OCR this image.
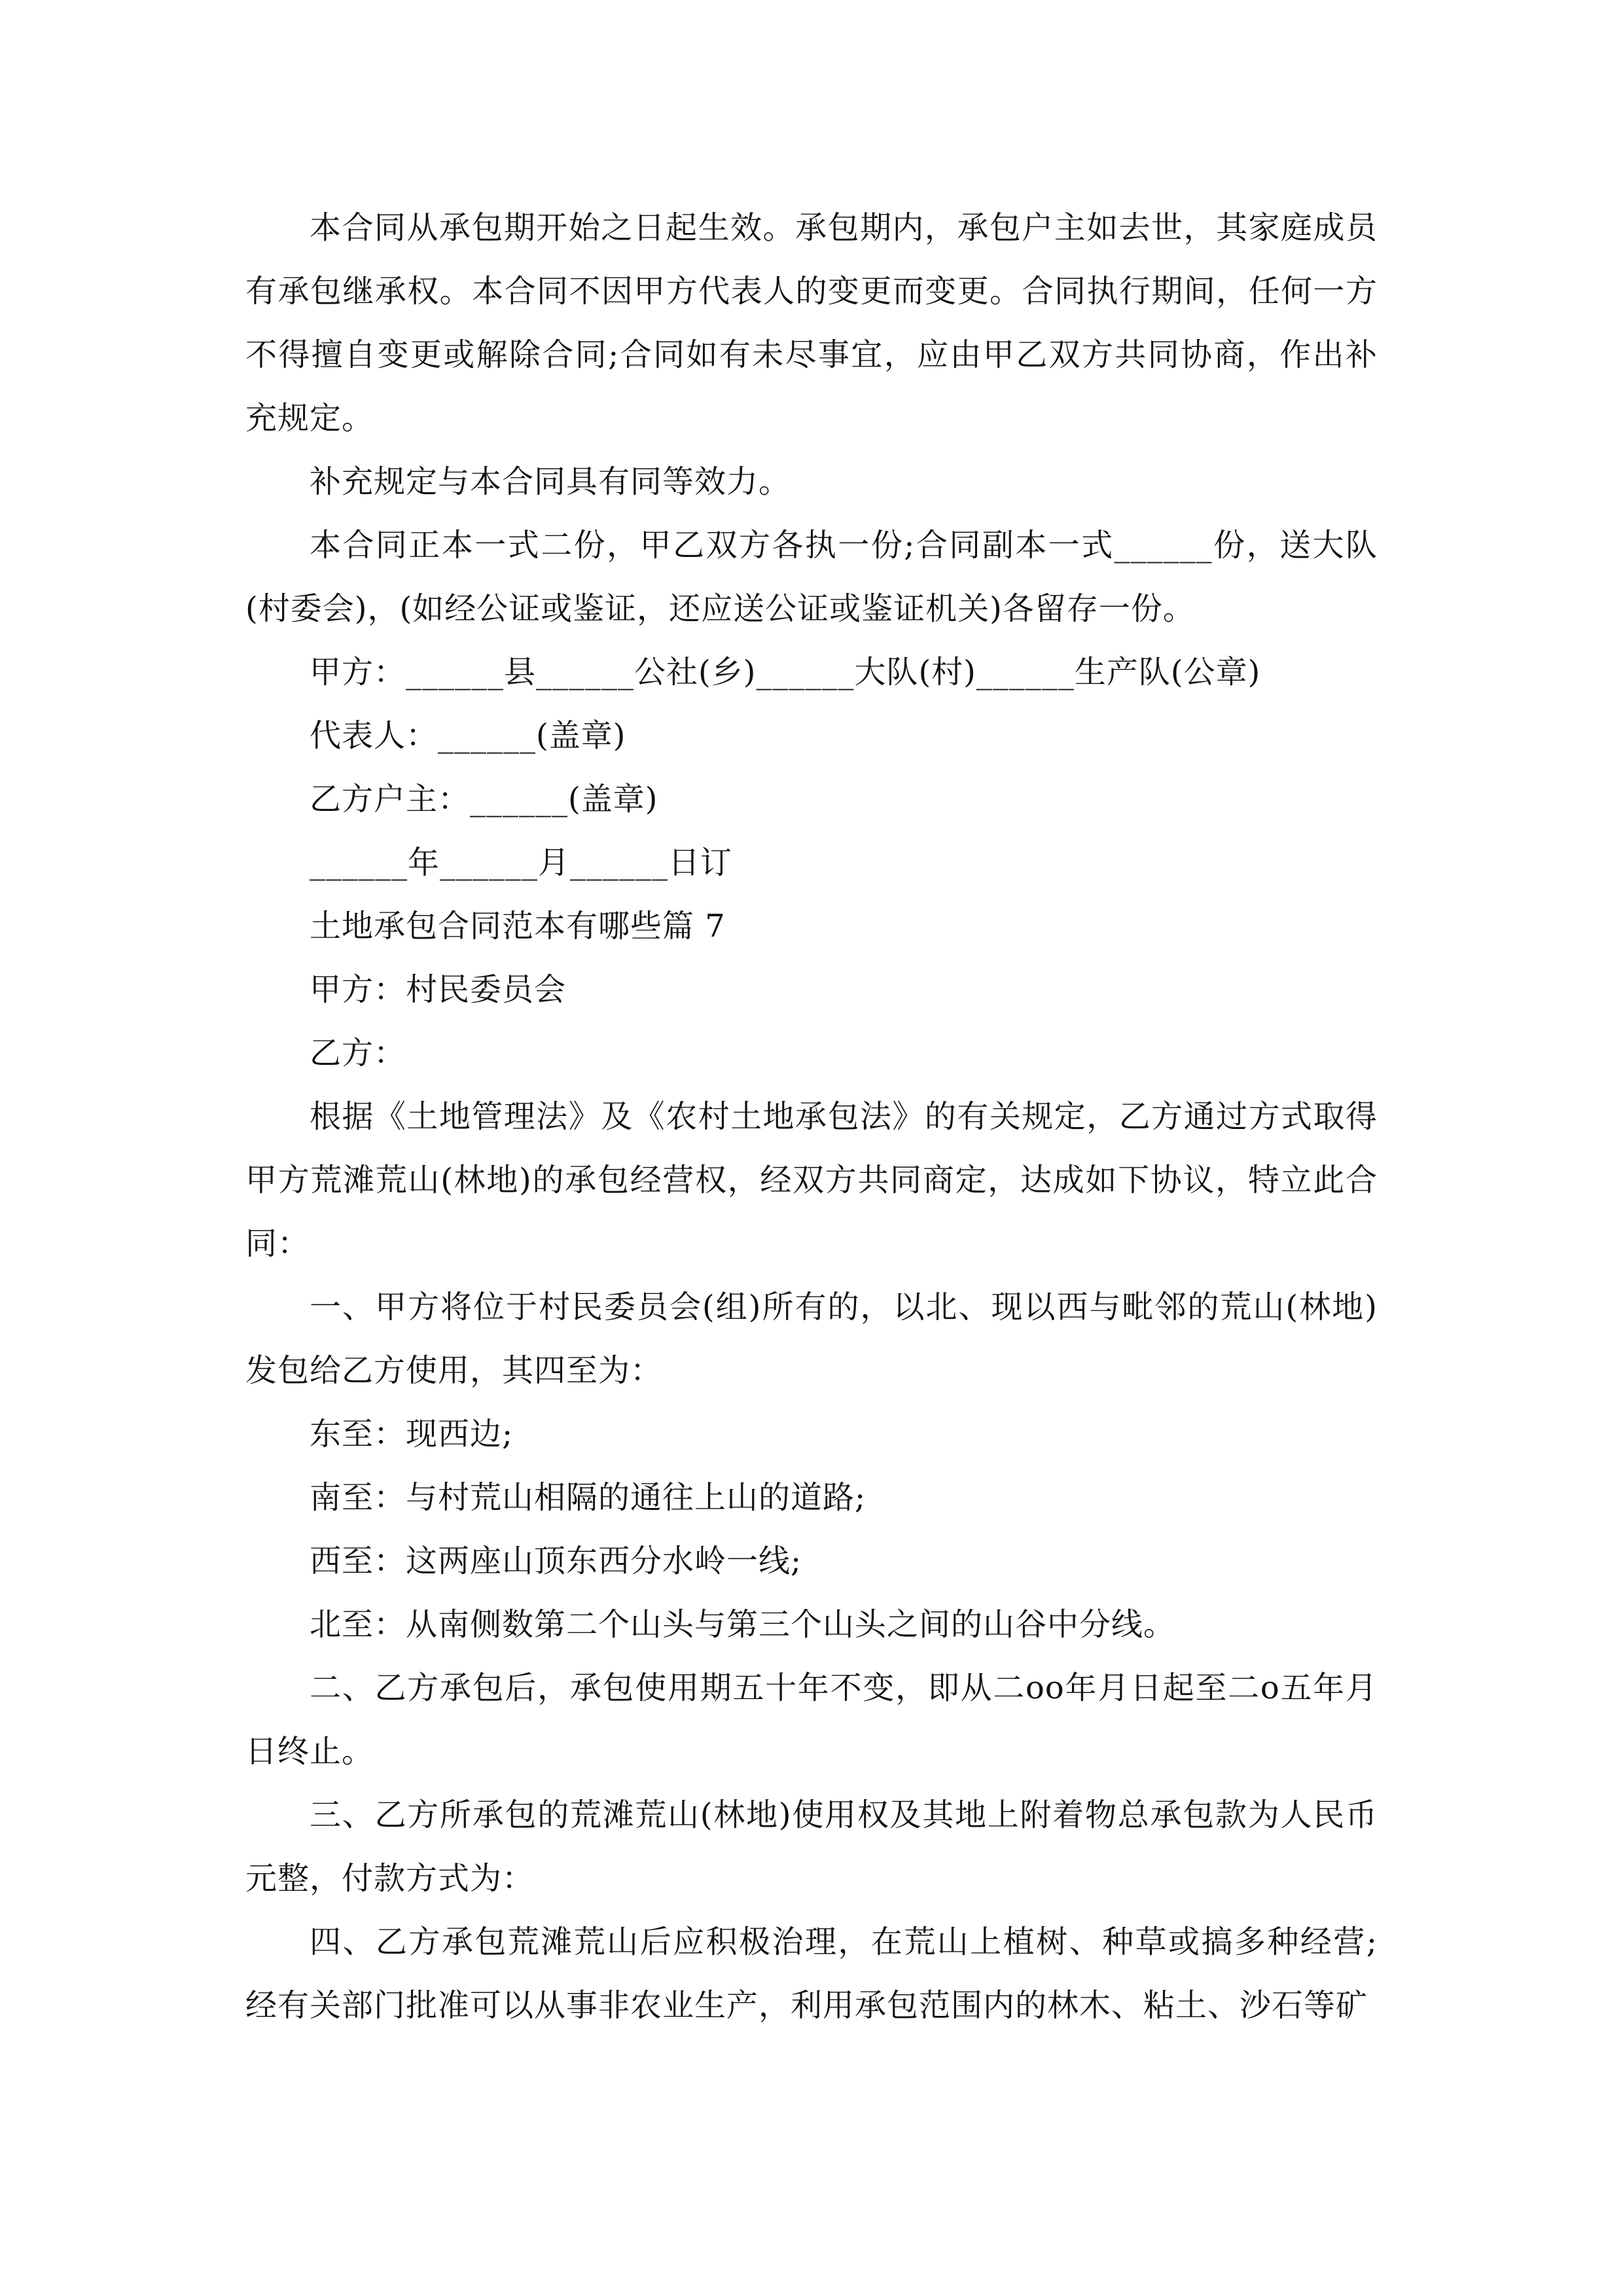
本合同从承包期开始之日起生效。承包期内，承包户主如去世，其家庭成员有承包继承权。本合同不因甲方代表人的变更而变更。合同执行期间，任何一方不得擅自变更或解除合同;合同如有未尽事宜，应由甲乙双方共同协商，作出补充规定。

补充规定与本合同具有同等效力。

本合同正本一式二份，甲乙双方各执一份;合同副本一式______份，送大队(村委会)，(如经公证或鉴证，还应送公证或鉴证机关)各留存一份。

甲方：______县______公社(乡)______大队(村)______生产队(公章)

代表人：______(盖章)

乙方户主：______(盖章)

______年______月______日订

土地承包合同范本有哪些篇 7

甲方：村民委员会

乙方：

根据《土地管理法》及《农村土地承包法》的有关规定，乙方通过方式取得甲方荒滩荒山(林地)的承包经营权，经双方共同商定，达成如下协议，特立此合同：

一、甲方将位于村民委员会(组)所有的，以北、现以西与毗邻的荒山(林地)发包给乙方使用，其四至为：

东至：现西边;

南至：与村荒山相隔的通往上山的道路;

西至：这两座山顶东西分水岭一线;

北至：从南侧数第二个山头与第三个山头之间的山谷中分线。

二、乙方承包后，承包使用期五十年不变，即从二oo年月日起至二o五年月日终止。

三、乙方所承包的荒滩荒山(林地)使用权及其地上附着物总承包款为人民币元整，付款方式为：

四、乙方承包荒滩荒山后应积极治理，在荒山上植树、种草或搞多种经营;经有关部门批准可以从事非农业生产，利用承包范围内的林木、粘土、沙石等矿
